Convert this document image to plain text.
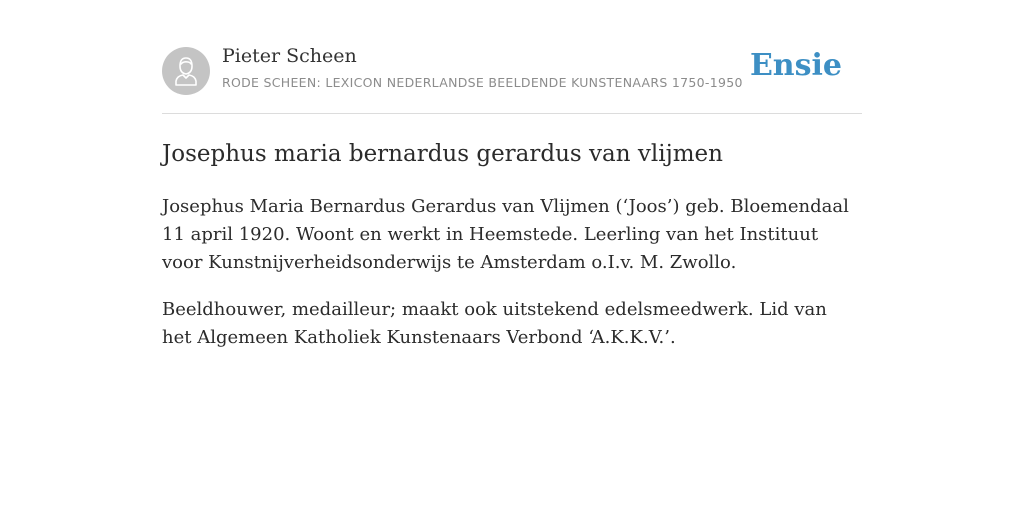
Pieter Scheen
RODE SCHEEN: LEXICON NEDERLANDSE BEELDENDE KUNSTENAARS 1750-1950 Ensie
Josephus maria bernardus gerardus van vlijmen

Josephus Maria Bernardus Gerardus van Vlijmen (‘Joos’) geb. Bloemendaal 11 april 1920. Woont en werkt in Heemstede. Leerling van het Instituut voor Kunstnijverheidsonderwijs te Amsterdam o.I.v. M. Zwollo.

Beeldhouwer, medailleur; maakt ook uitstekend edelsmeedwerk. Lid van het Algemeen Katholiek Kunstenaars Verbond ‘A.K.K.V.’.
